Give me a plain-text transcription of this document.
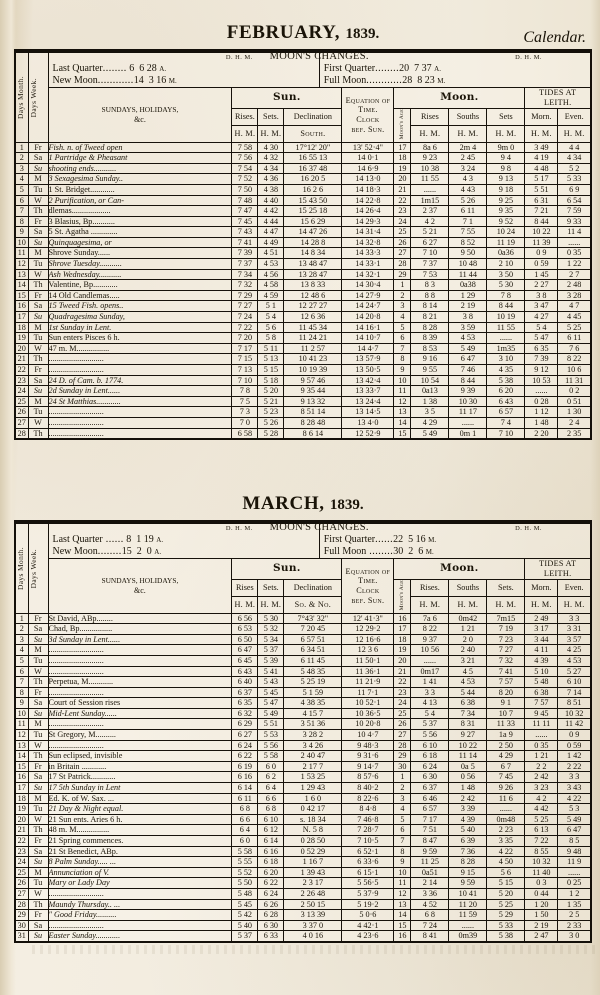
FEBRUARY, 1839.	Calendar.
Days Month.	Days Week.

MOON'S CHANGES.
D. H. M.
Last Quarter........ 6 6 28 A.
New Moon............14 3 16 M.
D. H. M.
First Quarter........20 7 37 A.
Full Moon............28 8 23 M.

SUNDAYS, HOLIDAYS,
&c.
	Sun.	Equation of Time.
Clock
bef. Sun.
	Moon.	TIDES AT LEITH.
			Rises.	Sets.	Declination		Moon's Age	Rises	Souths	Sets	Morn.	Even.
			H. M.	H. M.	South.			H. M.	H. M.	H. M.	H. M.	H. M.
1	Fr	Fish. n. of Tweed open	7 58	4 30	17°12' 20"	13' 52·4"	17	8a 6	2m 4	9m 0	3 49	4 4
2	Sa	1 Partridge & Pheasant	7 56	4 32	16 55 13	14 0·1	18	9 23	2 45	9 4	4 19	4 34
3	Su	shooting ends...........	7 54	4 34	16 37 48	14 6·9	19	10 38	3 24	9 8	4 48	5 2
4	M	3 Sexagesima Sunday..	7 52	4 36	16 20 5	14 13·0	20	11 55	4 3	9 13	5 17	5 33
5	Tu	1 St. Bridget............	7 50	4 38	16 2 6	14 18·3	21	......	4 43	9 18	5 51	6 9
6	W	2 Purification, or Can-	7 48	4 40	15 43 50	14 22·8	22	1m15	5 26	9 25	6 31	6 54
7	Th	dlemas...................	7 47	4 42	15 25 18	14 26·4	23	2 37	6 11	9 35	7 21	7 59
8	Fr	3 Blasius, Bp...........	7 45	4 44	15 6 29	14 29·3	24	4 2	7 1	9 52	8 44	9 33
9	Sa	5 St. Agatha .............	7 43	4 47	14 47 26	14 31·4	25	5 21	7 55	10 24	10 22	11 4
10	Su	Quinquagesima, or	7 41	4 49	14 28 8	14 32·8	26	6 27	8 52	11 19	11 39	......
11	M	Shrove Sunday......	7 39	4 51	14 8 34	14 33·3	27	7 10	9 50	0a36	0 9	0 35
12	Tu	Shrove Tuesday...........	7 37	4 53	13 48 47	14 33·1	28	7 37	10 48	2 10	0 59	1 22
13	W	Ash Wednesday...........	7 34	4 56	13 28 47	14 32·1	29	7 53	11 44	3 50	1 45	2 7
14	Th	Valentine, Bp............	7 32	4 58	13 8 33	14 30·4	1	8 3	0a38	5 30	2 27	2 48
15	Fr	14 Old Candlemas.....	7 29	4 59	12 48 6	14 27·9	2	8 8	1 29	7 8	3 8	3 28
16	Sa	15 Tweed Fish. opens..	7 27	5 1	12 27 27	14 24·7	3	8 14	2 19	8 44	3 47	4 7
17	Su	Quadragesima Sunday,	7 24	5 4	12 6 36	14 20·8	4	8 21	3 8	10 19	4 27	4 45
18	M	1st Sunday in Lent.	7 22	5 6	11 45 34	14 16·1	5	8 28	3 59	11 55	5 4	5 25
19	Tu	Sun enters Pisces 6 h.	7 20	5 8	11 24 21	14 10·7	6	8 39	4 53	......	5 47	6 11
20	W	47 m. M................	7 17	5 11	11 2 57	14 4·7	7	8 53	5 49	1m35	6 35	7 6
21	Th	...........................	7 15	5 13	10 41 23	13 57·9	8	9 16	6 47	3 10	7 39	8 22
22	Fr	...........................	7 13	5 15	10 19 39	13 50·5	9	9 55	7 46	4 35	9 12	10 6
23	Sa	24 D. of Cam. b. 1774.	7 10	5 18	9 57 46	13 42·4	10	10 54	8 44	5 38	10 53	11 31
24	Su	2d Sunday in Lent......	7 8	5 20	9 35 44	13 33·7	11	0a13	9 39	6 20	......	0 2
25	M	24 St Matthias............	7 5	5 21	9 13 32	13 24·4	12	1 38	10 30	6 43	0 28	0 51
26	Tu	...........................	7 3	5 23	8 51 14	13 14·5	13	3 5	11 17	6 57	1 12	1 30
27	W	...........................	7 0	5 26	8 28 48	13 4·0	14	4 29	......	7 4	1 48	2 4
28	Th	...........................	6 58	5 28	8 6 14	12 52·9	15	5 49	0m 1	7 10	2 20	2 35
MARCH, 1839.
Days Month.	Days Week.

MOON'S CHANGES.
D. H. M.
Last Quarter ...... 8 1 19 A.
New Moon........15 2 0 A.
D. H. M.
First Quarter......22 5 16 M.
Full Moon ........30 2 6 M.

SUNDAYS, HOLIDAYS,
&c.
	Sun.	Equation of Time.
Clock
bef. Sun.
	Moon.	TIDES AT LEITH.
			Rises	Sets.	Declination		Moon's Age	Rises.	Souths	Sets.	Morn.	Even.
			H. M.	H. M.	So. & No.			H. M.	H. M.	H. M.	H. M.	H. M.
1	Fr	St David, ABp........	6 56	5 30	7°43' 32"	12' 41·3"	16	7a 6	0m42	7m15	2 49	3 3
2	Sa	Chad, Bp................	6 53	5 32	7 20 45	12 29·2	17	8 22	1 21	7 19	3 17	3 31
3	Su	3d Sunday in Lent......	6 50	5 34	6 57 51	12 16·6	18	9 37	2 0	7 23	3 44	3 57
4	M	...........................	6 47	5 37	6 34 51	12 3 6	19	10 56	2 40	7 27	4 11	4 25
5	Tu	...........................	6 45	5 39	6 11 45	11 50·1	20	......	3 21	7 32	4 39	4 53
6	W	...........................	6 43	5 41	5 48 35	11 36·1	21	0m17	4 5	7 41	5 10	5 27
7	Th	Perpetua, M............	6 40	5 43	5 25 19	11 21·9	22	1 41	4 53	7 57	5 48	6 10
8	Fr	...........................	6 37	5 45	5 1 59	11 7·1	23	3 3	5 44	8 20	6 38	7 14
9	Sa	Court of Session rises	6 35	5 47	4 38 35	10 52·1	24	4 13	6 38	9 1	7 57	8 51
10	Su	Mid-Lent Sunday......	6 32	5 49	4 15 7	10 36·5	25	5 4	7 34	10 7	9 45	10 32
11	M	...........................	6 29	5 51	3 51 36	10 20·8	26	5 37	8 31	11 33	11 11	11 42
12	Tu	St Gregory, M..........	6 27	5 53	3 28 2	10 4·7	27	5 56	9 27	1a 9	......	0 9
13	W	...........................	6 24	5 56	3 4 26	9 48·3	28	6 10	10 22	2 50	0 35	0 59
14	Th	Sun eclipsed, invisible	6 22	5 58	2 40 47	9 31·6	29	6 18	11 14	4 29	1 21	1 42
15	Fr	in Britain ............	6 19	6 0	2 17 7	9 14·7	30	6 24	0a 5	6 7	2 2	2 22
16	Sa	17 St Patrick............	6 16	6 2	1 53 25	8 57·6	1	6 30	0 56	7 45	2 42	3 3
17	Su	17 5th Sunday in Lent	6 14	6 4	1 29 43	8 40·2	2	6 37	1 48	9 26	3 23	3 43
18	M	Ed. K. of W. Sax. ...	6 11	6 6	1 6 0	8 22·6	3	6 46	2 42	11 6	4 2	4 22
19	Tu	21 Day & Night equal.	6 8	6 8	0 42 17	8 4·8	4	6 57	3 39	......	4 42	5 3
20	W	21 Sun ents. Aries 6 h.	6 6	6 10	s. 18 34	7 46·8	5	7 17	4 39	0m48	5 25	5 49
21	Th	48 m. M................	6 4	6 12	N. 5 8	7 28·7	6	7 51	5 40	2 23	6 13	6 47
22	Fr	21 Spring commences.	6 0	6 14	0 28 50	7 10·5	7	8 47	6 39	3 35	7 22	8 5
23	Sa	21 St Benedict, ABp.	5 58	6 16	0 52 29	6 52·1	8	9 59	7 36	4 22	8 55	9 48
24	Su	8 Palm Sunday..... ...	5 55	6 18	1 16 7	6 33·6	9	11 25	8 28	4 50	10 32	11 9
25	M	Annunciation of V.	5 52	6 20	1 39 43	6 15·1	10	0a51	9 15	5 6	11 40	......
26	Tu	Mary or Lady Day	5 50	6 22	2 3 17	5 56·5	11	2 14	9 59	5 15	0 3	0 25
27	W	...........................	5 48	6 24	2 26 48	5 37·9	12	3 36	10 41	5 20	0 44	1 2
28	Th	Maundy Thursday.. ...	5 45	6 26	2 50 15	5 19·2	13	4 52	11 20	5 25	1 20	1 35
29	Fr	" Good Friday..........	5 42	6 28	3 13 39	5 0·6	14	6 8	11 59	5 29	1 50	2 5
30	Sa	...........................	5 40	6 30	3 37 0	4 42·1	15	7 24	......	5 33	2 19	2 33
31	Su	Easter Sunday............	5 37	6 33	4 0 16	4 23·6	16	8 41	0m39	5 38	2 47	3 0
